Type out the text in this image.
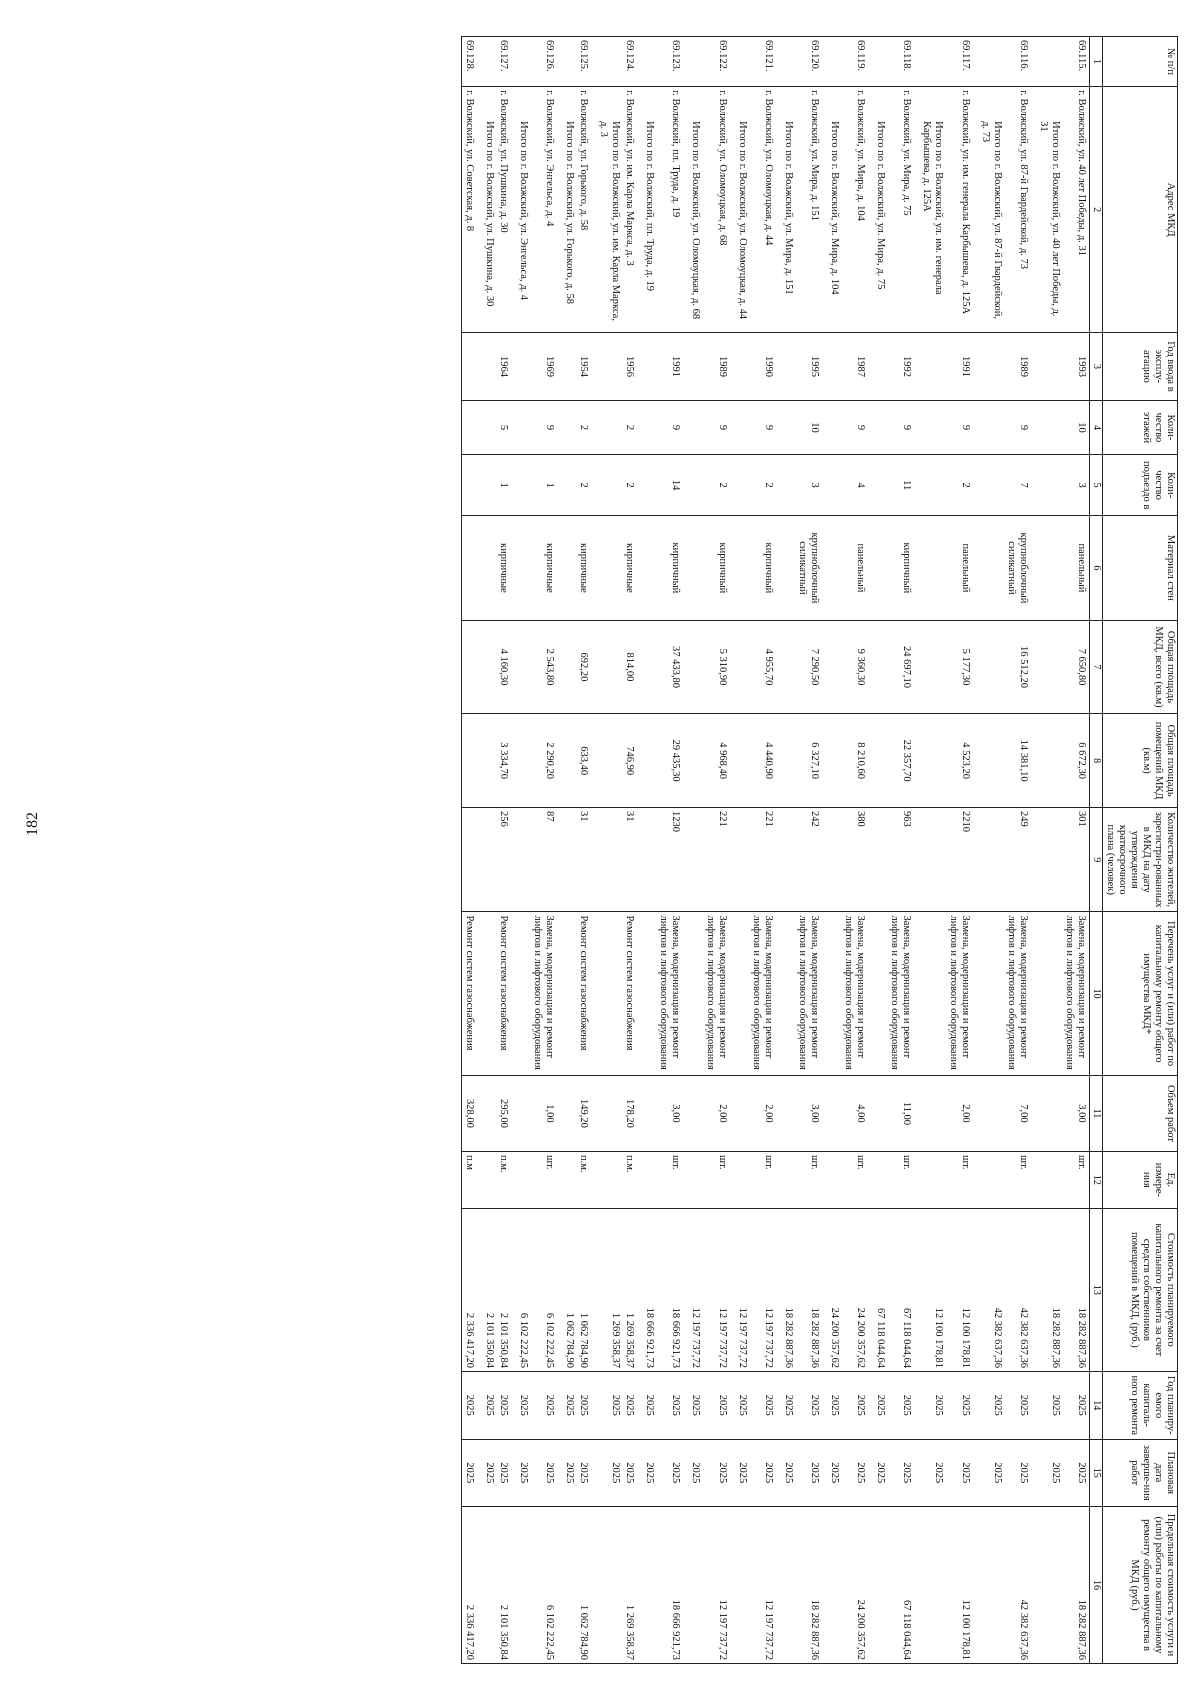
182
№ п/п	Адрес МКД	Год ввода в эксплу-атацию	Коли-чество этажей	Коли-чество подъездо в	Материал стен	Общая площадь МКД, всего (кв.м)	Общая площадь помещений МКД (кв.м)	Количество жителей, зарегистри-рованных в МКД на дату утверждения краткосрочного плана (человек)	Перечень услуг и (или) работ по капитальному ремонту общего имущества МКД*	Объем работ	Ед. измере-ния	Стоимость планируемого капитального ремонта за счет средств собственников помещений в МКД, (руб.)	Год планиру-емого капиталь-ного ремонта	Плановая дата заверше-ния работ	Предельная стоимость услуги и (или) работы по капитальному ремонту общего имущества в МКД (руб.)
1	2	3	4	5	6	7	8	9	10	11	12	13	14	15	16
69.115.	г. Волжский, ул. 40 лет Победы, д. 31	1993	10	3	панельный	7 650,80	6 672,30	301	Замена, модернизация и ремонт лифтов и лифтового оборудования	3,00	шт.	18 282 887,36	2025	2025	18 282 887,36
	Итого по г. Волжский, ул. 40 лет Победы, д. 31											18 282 887,36	2025	2025	
69.116.	г. Волжский, ул. 87-й Гвардейской, д. 73	1989	9	7	крупноблочный силикатный	16 512,20	14 381,10	249	Замена, модернизация и ремонт лифтов и лифтового оборудования	7,00	шт.	42 382 637,36	2025	2025	42 382 637,36
	Итого по г. Волжский, ул. 87-й Гвардейской, д. 73											42 382 637,36	2025	2025	
69.117.	г. Волжский, ул. им. генерала Карбышева, д. 125А	1991	9	2	панельный	5 177,30	4 523,20	2210	Замена, модернизация и ремонт лифтов и лифтового оборудования	2,00	шт.	12 100 178,81	2025	2025	12 100 178,81
	Итого по г. Волжский, ул. им. генерала Карбышева, д. 125А											12 100 178,81	2025	2025	
69.118.	г. Волжский, ул. Мира, д. 75	1992	9	11	кирпичный	24 697,10	22 357,70	963	Замена, модернизация и ремонт лифтов и лифтового оборудования	11,00	шт.	67 118 044,64	2025	2025	67 118 044,64
	Итого по г. Волжский, ул. Мира, д. 75											67 118 044,64	2025	2025	
69.119.	г. Волжский, ул. Мира, д. 104	1987	9	4	панельный	9 360,30	8 210,60	380	Замена, модернизация и ремонт лифтов и лифтового оборудования	4,00	шт.	24 200 357,62	2025	2025	24 200 357,62
	Итого по г. Волжский, ул. Мира, д. 104											24 200 357,62	2025	2025	
69.120.	г. Волжский, ул. Мира, д. 151	1995	10	3	крупноблочный силикатный	7 290,50	6 327,10	242	Замена, модернизация и ремонт лифтов и лифтового оборудования	3,00	шт.	18 282 887,36	2025	2025	18 282 887,36
	Итого по г. Волжский, ул. Мира, д. 151											18 282 887,36	2025	2025	
69.121.	г. Волжский, ул. Оломоуцкая, д. 44	1990	9	2	кирпичный	4 955,70	4 440,90	221	Замена, модернизация и ремонт лифтов и лифтового оборудования	2,00	шт.	12 197 737,72	2025	2025	12 197 737,72
	Итого по г. Волжский, ул. Оломоуцкая, д. 44											12 197 737,72	2025	2025	
69.122.	г. Волжский, ул. Оломоуцкая, д. 68	1989	9	2	кирпичный	5 310,90	4 968,40	221	Замена, модернизация и ремонт лифтов и лифтового оборудования	2,00	шт.	12 197 737,72	2025	2025	12 197 737,72
	Итого по г. Волжский, ул. Оломоуцкая, д. 68											12 197 737,72	2025	2025	
69.123.	г. Волжский, пл. Труда, д. 19	1991	9	14	кирпичный	37 433,80	29 435,30	1230	Замена, модернизация и ремонт лифтов и лифтового оборудования	3,00	шт.	18 666 921,73	2025	2025	18 666 921,73
	Итого по г. Волжский, пл. Труда, д. 19											18 666 921,73	2025	2025	
69.124.	г. Волжский, ул. им. Карла Маркса, д. 3	1956	2	2	кирпичные	814,00	746,90	31	Ремонт систем газоснабжения	178,20	п.м.	1 269 358,37	2025	2025	1 269 358,37
	Итого по г. Волжский, ул. им. Карла Маркса, д. 3											1 269 358,37	2025	2025	
69.125.	г. Волжский, ул. Горького, д. 58	1954	2	2	кирпичные	692,20	633,40	31	Ремонт систем газоснабжения	149,20	п.м.	1 062 784,90	2025	2025	1 062 784,90
	Итого по г. Волжский, ул. Горького, д. 58											1 062 784,90	2025	2025	
69.126.	г. Волжский, ул. Энгельса, д. 4	1969	9	1	кирпичные	2 543,80	2 290,20	87	Замена, модернизация и ремонт лифтов и лифтового оборудования	1,00	шт.	6 102 222,45	2025	2025	6 102 222,45
	Итого по г. Волжский, ул. Энгельса, д. 4											6 102 222,45	2025	2025	
69.127.	г. Волжский, ул. Пушкина, д. 30	1964	5	1	кирпичные	4 160,30	3 334,70	256	Ремонт систем газоснабжения	295,00	п.м.	2 101 350,84	2025	2025	2 101 350,84
	Итого по г. Волжский, ул. Пушкина, д. 30											2 101 350,84	2025	2025	
69.128.	г. Волжский, ул. Советская, д. 8								Ремонт систем газоснабжения	328,00	п.м	2 336 417,20	2025	2025	2 336 417,20
